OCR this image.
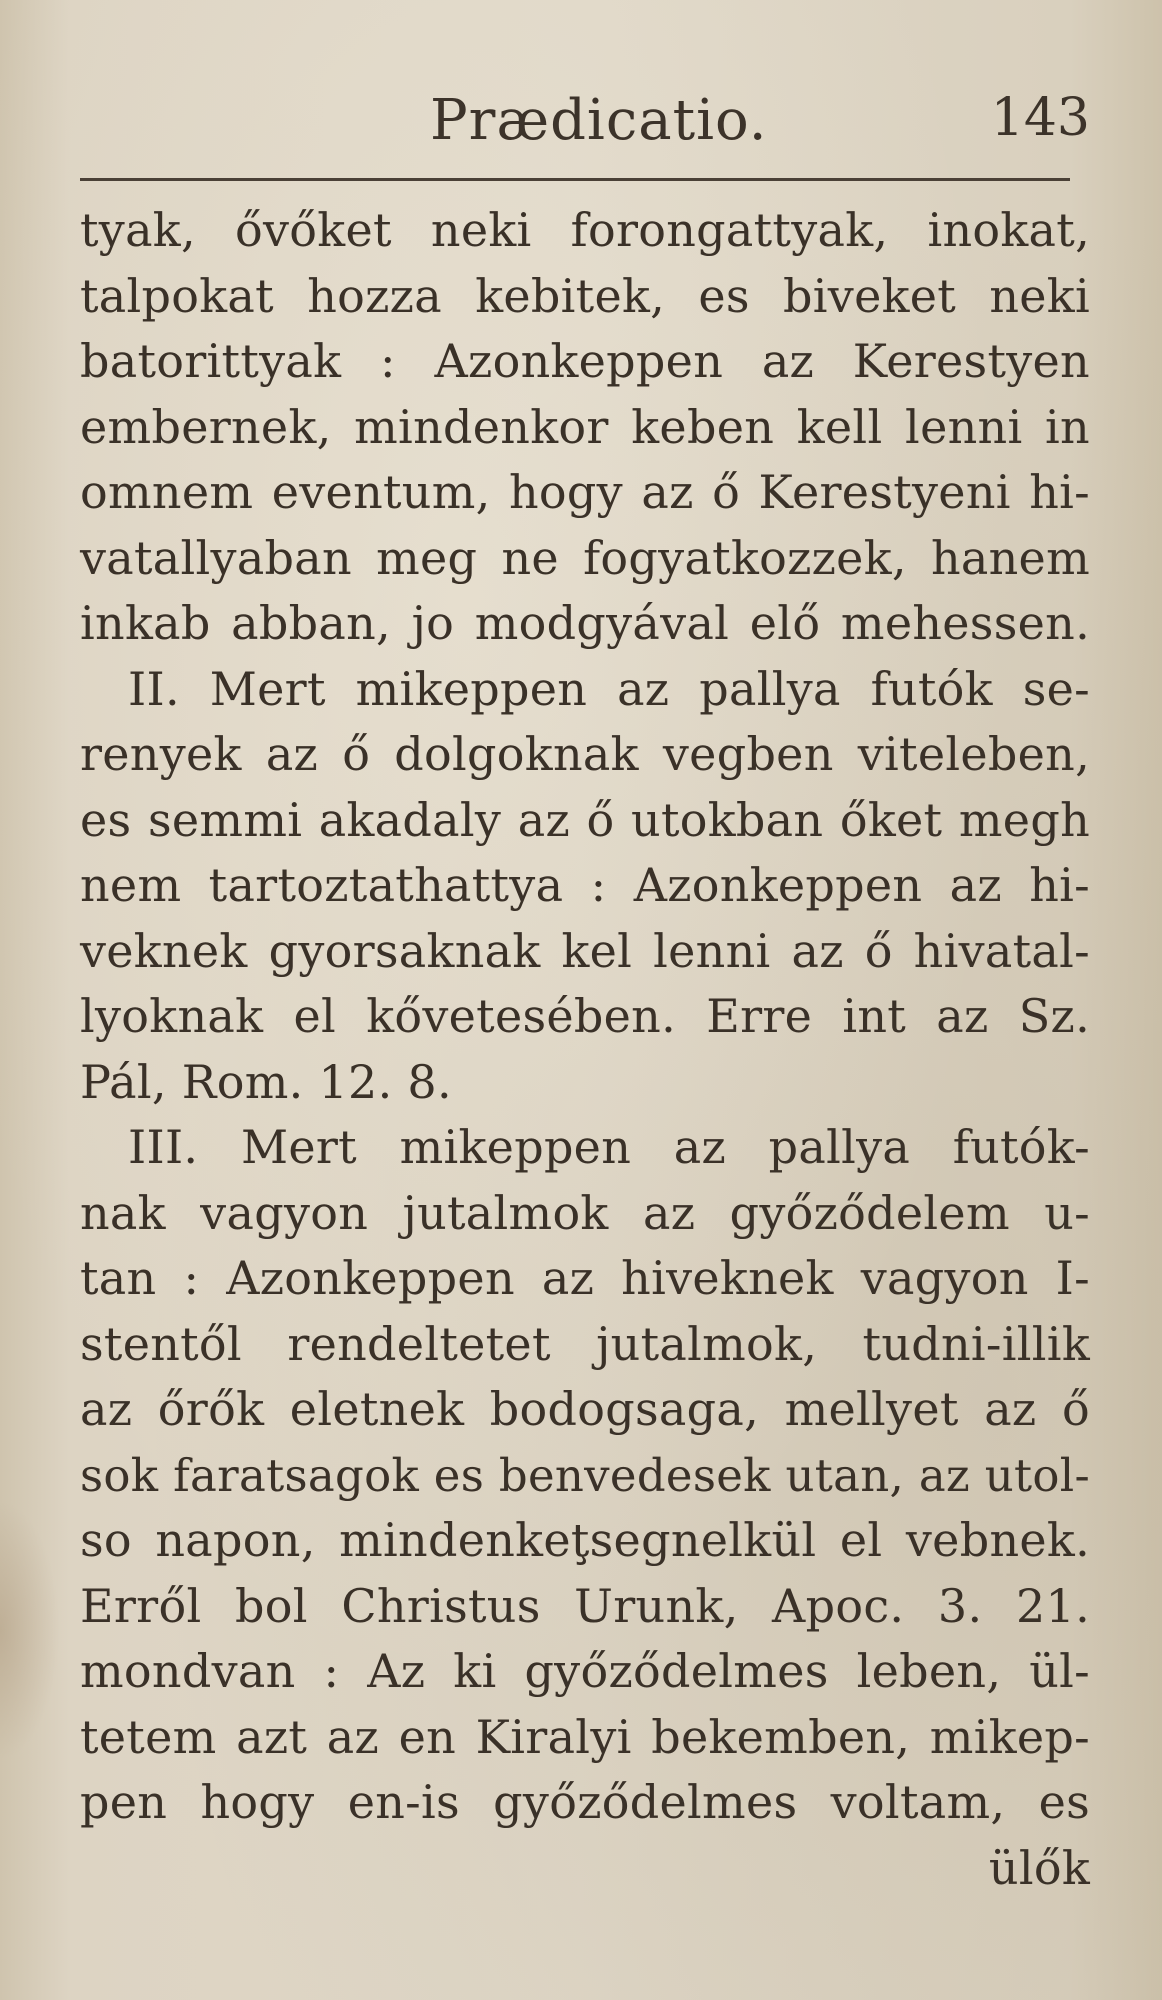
Prædicatio.	143
tyak, ővőket neki forongattyak, inokat,
talpokat hozza kebitek, es biveket neki
batorittyak : Azonkeppen az Kerestyen
embernek, mindenkor keben kell lenni in
omnem eventum, hogy az ő Kerestyeni hi-
vatallyaban meg ne fogyatkozzek, hanem
inkab abban, jo modgyával elő mehessen.
II. Mert mikeppen az pallya futók se-
renyek az ő dolgoknak vegben viteleben,
es semmi akadaly az ő utokban őket megh
nem tartoztathattya : Azonkeppen az hi-
veknek gyorsaknak kel lenni az ő hivatal-
lyoknak el kővetesében. Erre int az Sz.
Pál, Rom. 12. 8.
III. Mert mikeppen az pallya futók-
nak vagyon jutalmok az győződelem u-
tan : Azonkeppen az hiveknek vagyon I-
stentől rendeltetet jutalmok, tudni-illik
az őrők eletnek bodogsaga, mellyet az ő
sok faratsagok es benvedesek utan, az utol-
so napon, mindenkeţsegnelkül el vebnek.
Erről bol Christus Urunk, Apoc. 3. 21.
mondvan : Az ki győződelmes leben, ül-
tetem azt az en Kiralyi bekemben, mikep-
pen hogy en-is győződelmes voltam, es
ülők
